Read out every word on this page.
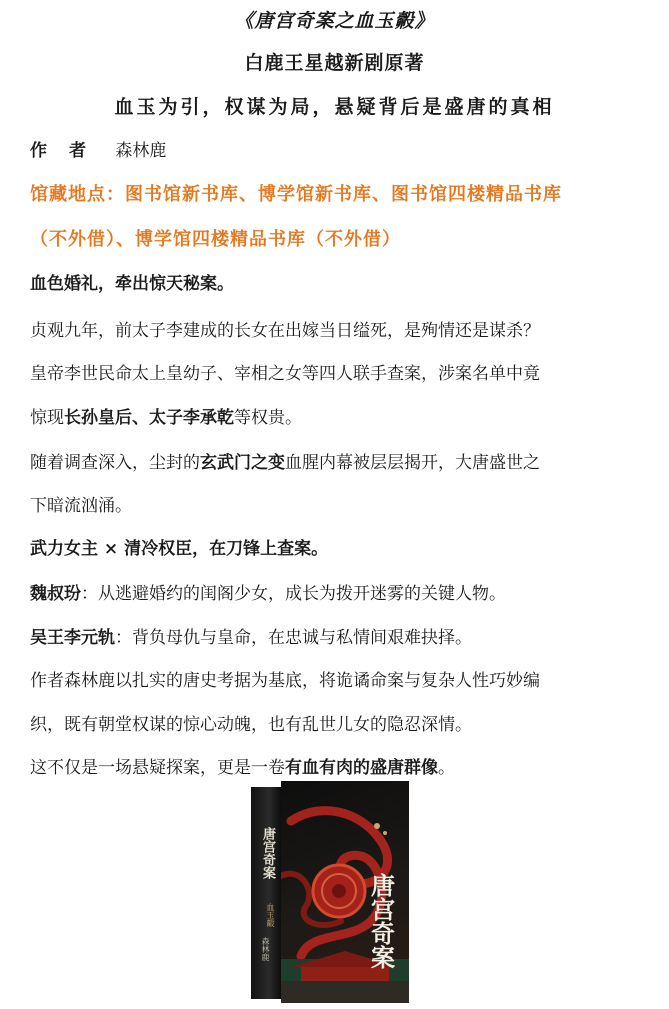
《唐宫奇案之血玉㲉》
白鹿王星越新剧原著
血玉为引，权谋为局，悬疑背后是盛唐的真相
作者 森林鹿
馆藏地点：图书馆新书库、博学馆新书库、图书馆四楼精品书库
（不外借）、博学馆四楼精品书库（不外借）
血色婚礼，牵出惊天秘案。
贞观九年，前太子李建成的长女在出嫁当日缢死，是殉情还是谋杀？
皇帝李世民命太上皇幼子、宰相之女等四人联手查案，涉案名单中竟
惊现长孙皇后、太子李承乾等权贵。
随着调查深入，尘封的玄武门之变血腥内幕被层层揭开，大唐盛世之
下暗流汹涌。
武力女主 × 清冷权臣，在刀锋上查案。
魏叔玢：从逃避婚约的闺阁少女，成长为拨开迷雾的关键人物。
吴王李元轨：背负母仇与皇命，在忠诚与私情间艰难抉择。
作者森林鹿以扎实的唐史考据为基底，将诡谲命案与复杂人性巧妙编
织，既有朝堂权谋的惊心动魄，也有乱世儿女的隐忍深情。
这不仅是一场悬疑探案，更是一卷有血有肉的盛唐群像。
唐宫奇案
血玉㲉
森林鹿	唐宫奇案
